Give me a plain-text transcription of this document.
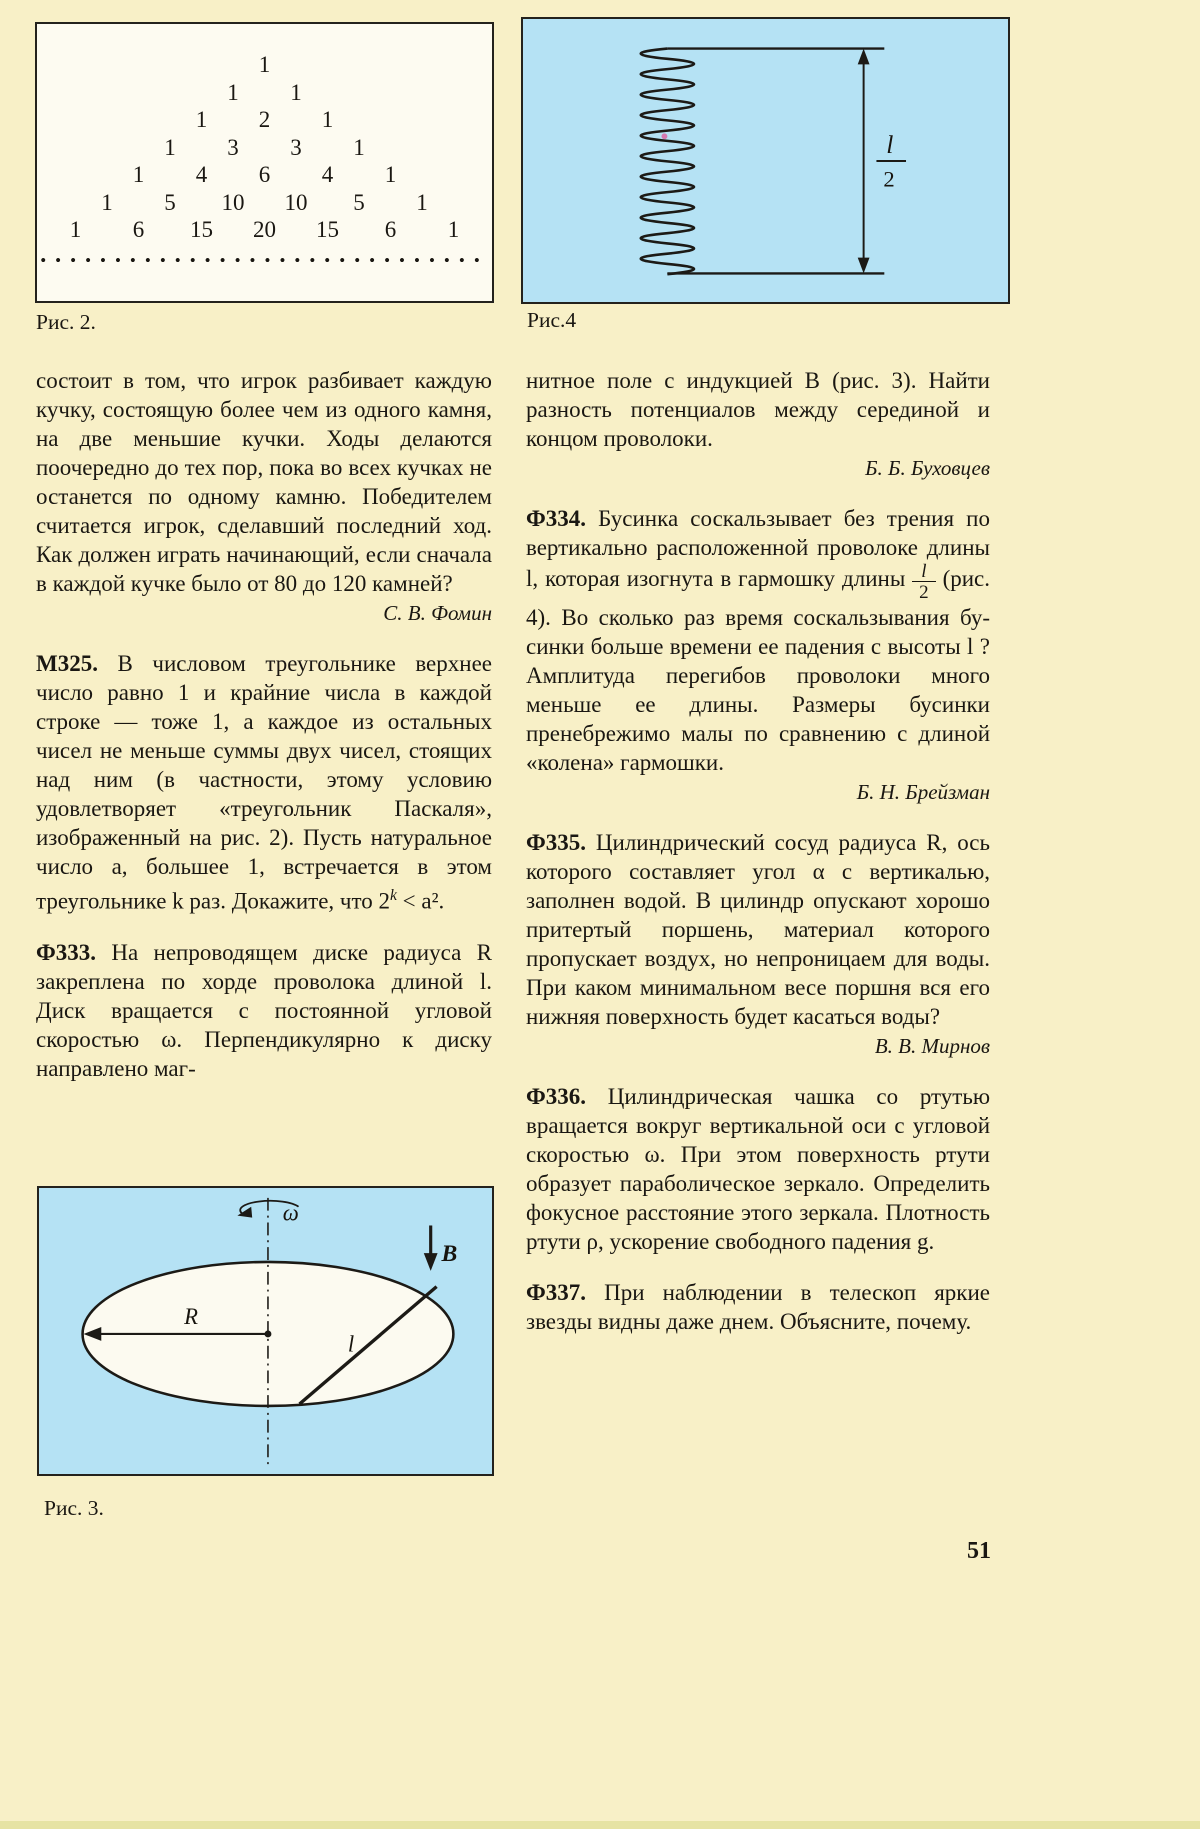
1
1	1
1	2	1
1	3	3	1
1	4	6	4	1
1	5	10	10	5	1
1	6	15	20	15	6	1
••••••••••••••••••••••••••••••
Рис. 2.
l
2
Рис.4

состоит в том, что игрок разбивает каждую кучку, состоящую более чем из одного камня, на две меньшие кучки. Ходы делаются поочередно до тех пор, пока во всех кучках не останется по одному камню. Победителем считается игрок, сделавший последний ход. Как должен играть начинающий, если сначала в каждой кучке было от 80 до 120 камней?

С. В. Фомин

М325. В числовом треугольнике верхнее число равно 1 и крайние числа в каждой строке — тоже 1, а каждое из остальных чисел не меньше суммы двух чисел, стоящих над ним (в частности, этому условию удовлетворяет «треугольник Паскаля», изображенный на рис. 2). Пусть натуральное число a, большее 1, встречается в этом треугольнике k раз. Докажите, что $2^k < a^2$.

Ф333. На непроводящем диске радиуса R закреплена по хорде проволока длиной l. Диск вращается с постоянной угловой скоростью ω. Перпендикулярно к диску направлено маг-

ω
B
R
l
Рис. 3.

нитное поле с индукцией B (рис. 3). Найти разность потенциалов между серединой и концом проволоки.

Б. Б. Буховцев

Ф334. Бусинка соскальзывает без трения по вертикально расположенной проволоке длины l, которая изогнута в гармошку длины $\frac{l}{2} (рис$. 4). Во сколько раз время соскальзывания бусинки больше времени ее падения с высоты l ? Амплитуда перегибов проволоки много меньше ее длины. Размеры бусинки пренебрежимо малы по сравнению с длиной «колена» гармошки.

Б. Н. Брейзман

Ф335. Цилиндрический сосуд радиуса R, ось которого составляет угол α с вертикалью, заполнен водой. В цилиндр опускают хорошо притертый поршень, материал которого пропускает воздух, но непроницаем для воды. При каком минимальном весе поршня вся его нижняя поверхность будет касаться воды?

В. В. Мирнов

Ф336. Цилиндрическая чашка со ртутью вращается вокруг вертикальной оси с угловой скоростью ω. При этом поверхность ртути образует параболическое зеркало. Определить фокусное расстояние этого зеркала. Плотность ртути ρ, ускорение свободного падения g.

Ф337. При наблюдении в телескоп яркие звезды видны даже днем. Объясните, почему.

51
